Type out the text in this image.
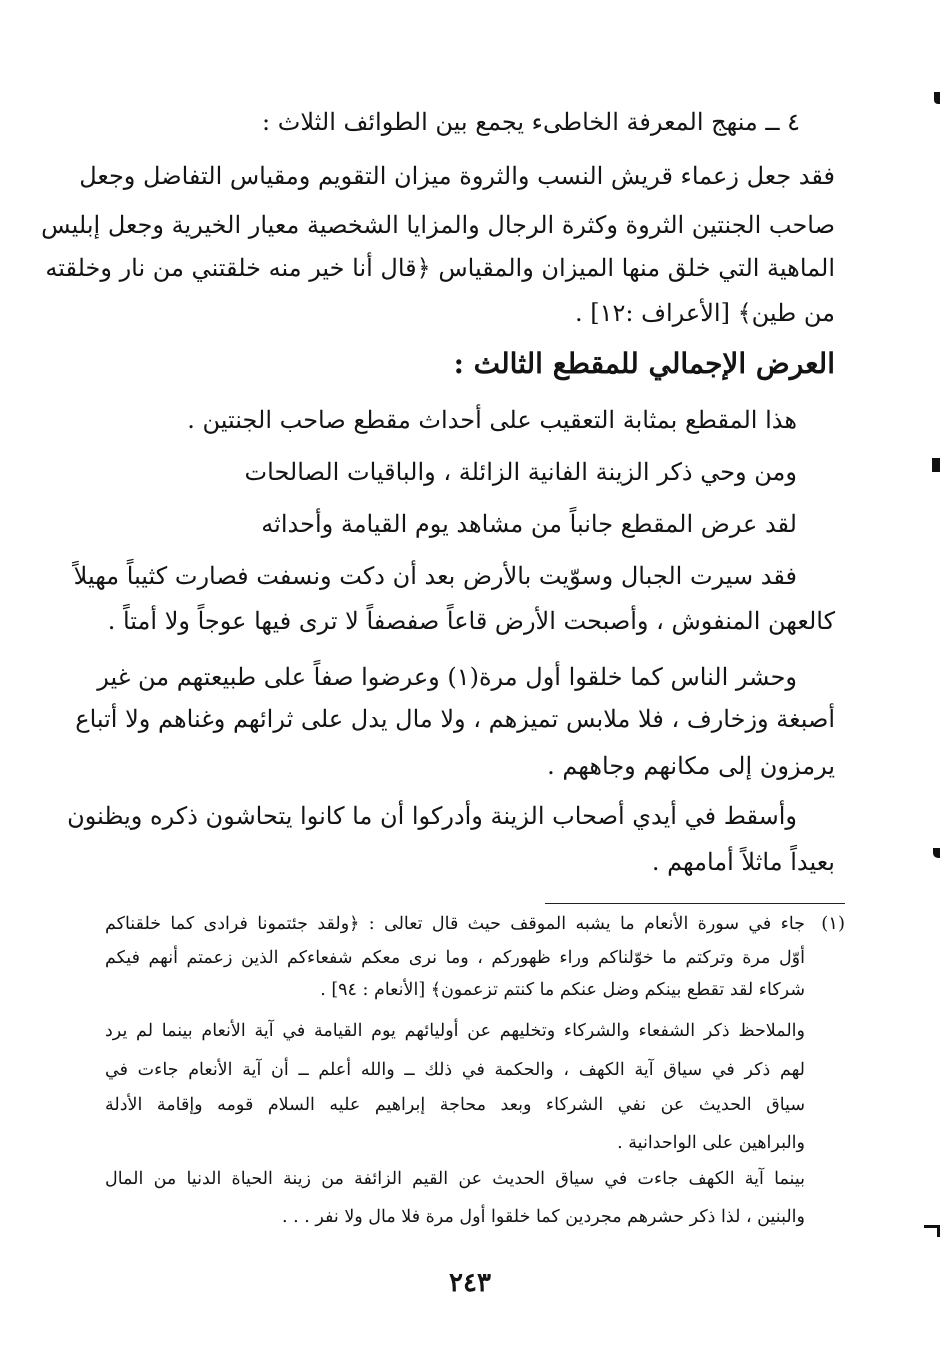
٤ ــ منهج المعرفة الخاطىء يجمع بين الطوائف الثلاث :
فقد جعل زعماء قريش النسب والثروة ميزان التقويم ومقياس التفاضل وجعل
صاحب الجنتين الثروة وكثرة الرجال والمزايا الشخصية معيار الخيرية وجعل إبليس
الماهية التي خلق منها الميزان والمقياس ﴿قال أنا خير منه خلقتني من نار وخلقته
من طين﴾ [الأعراف :١٢] .
العرض الإجمالي للمقطع الثالث :
هذا المقطع بمثابة التعقيب على أحداث مقطع صاحب الجنتين .
ومن وحي ذكر الزينة الفانية الزائلة ، والباقيات الصالحات
لقد عرض المقطع جانباً من مشاهد يوم القيامة وأحداثه
فقد سيرت الجبال وسوّيت بالأرض بعد أن دكت ونسفت فصارت كثيباً مهيلاً
كالعهن المنفوش ، وأصبحت الأرض قاعاً صفصفاً لا ترى فيها عوجاً ولا أمتاً .
وحشر الناس كما خلقوا أول مرة(١) وعرضوا صفاً على طبيعتهم من غير
أصبغة وزخارف ، فلا ملابس تميزهم ، ولا مال يدل على ثرائهم وغناهم ولا أتباع
يرمزون إلى مكانهم وجاههم .
وأسقط في أيدي أصحاب الزينة وأدركوا أن ما كانوا يتحاشون ذكره ويظنون
بعيداً ماثلاً أمامهم .
(١)
جاء في سورة الأنعام ما يشبه الموقف حيث قال تعالى : ﴿ولقد جئتمونا فرادى كما خلقناكم
أوّل مرة وتركتم ما خوّلناكم وراء ظهوركم ، وما نرى معكم شفعاءكم الذين زعمتم أنهم فيكم
شركاء لقد تقطع بينكم وضل عنكم ما كنتم تزعمون﴾ [الأنعام : ٩٤] .
والملاحظ ذكر الشفعاء والشركاء وتخليهم عن أوليائهم يوم القيامة في آية الأنعام بينما لم يرد
لهم ذكر في سياق آية الكهف ، والحكمة في ذلك ــ والله أعلم ــ أن آية الأنعام جاءت في
سياق الحديث عن نفي الشركاء وبعد محاجة إبراهيم عليه السلام قومه وإقامة الأدلة
والبراهين على الواحدانية .
بينما آية الكهف جاءت في سياق الحديث عن القيم الزائفة من زينة الحياة الدنيا من المال
والبنين ، لذا ذكر حشرهم مجردين كما خلقوا أول مرة فلا مال ولا نفر . . .
٢٤٣
